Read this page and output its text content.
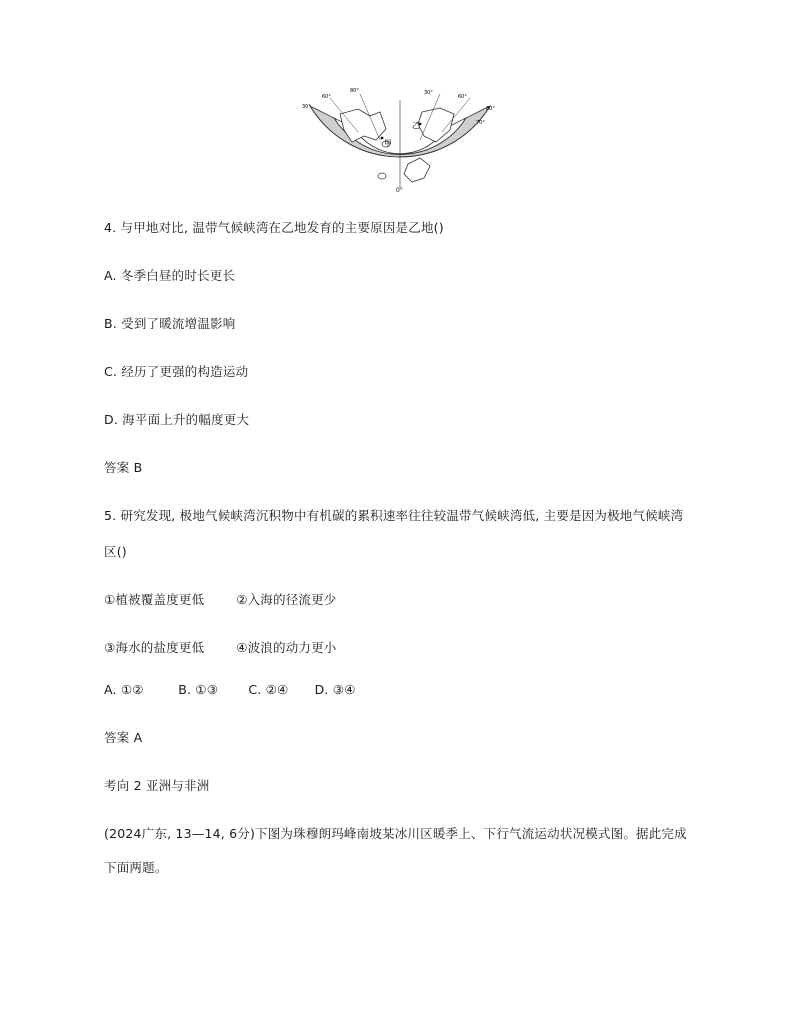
甲
乙
0°
30°
60°
80°	30°
60°
70°
80°
4. 与甲地对比, 温带气候峡湾在乙地发育的主要原因是乙地()
A. 冬季白昼的时长更长
B. 受到了暖流增温影响
C. 经历了更强的构造运动
D. 海平面上升的幅度更大
答案 B
5. 研究发现, 极地气候峡湾沉积物中有机碳的累积速率往往较温带气候峡湾低, 主要是因为极地气候峡湾
区()
①植被覆盖度更低	②入海的径流更少
③海水的盐度更低	④波浪的动力更小
A. ①②	B. ①③ C. ②④ D. ③④
答案 A
考向 2 亚洲与非洲
(2024广东, 13—14, 6分)下图为珠穆朗玛峰南坡某冰川区暖季上、下行气流运动状况模式图。据此完成
下面两题。
